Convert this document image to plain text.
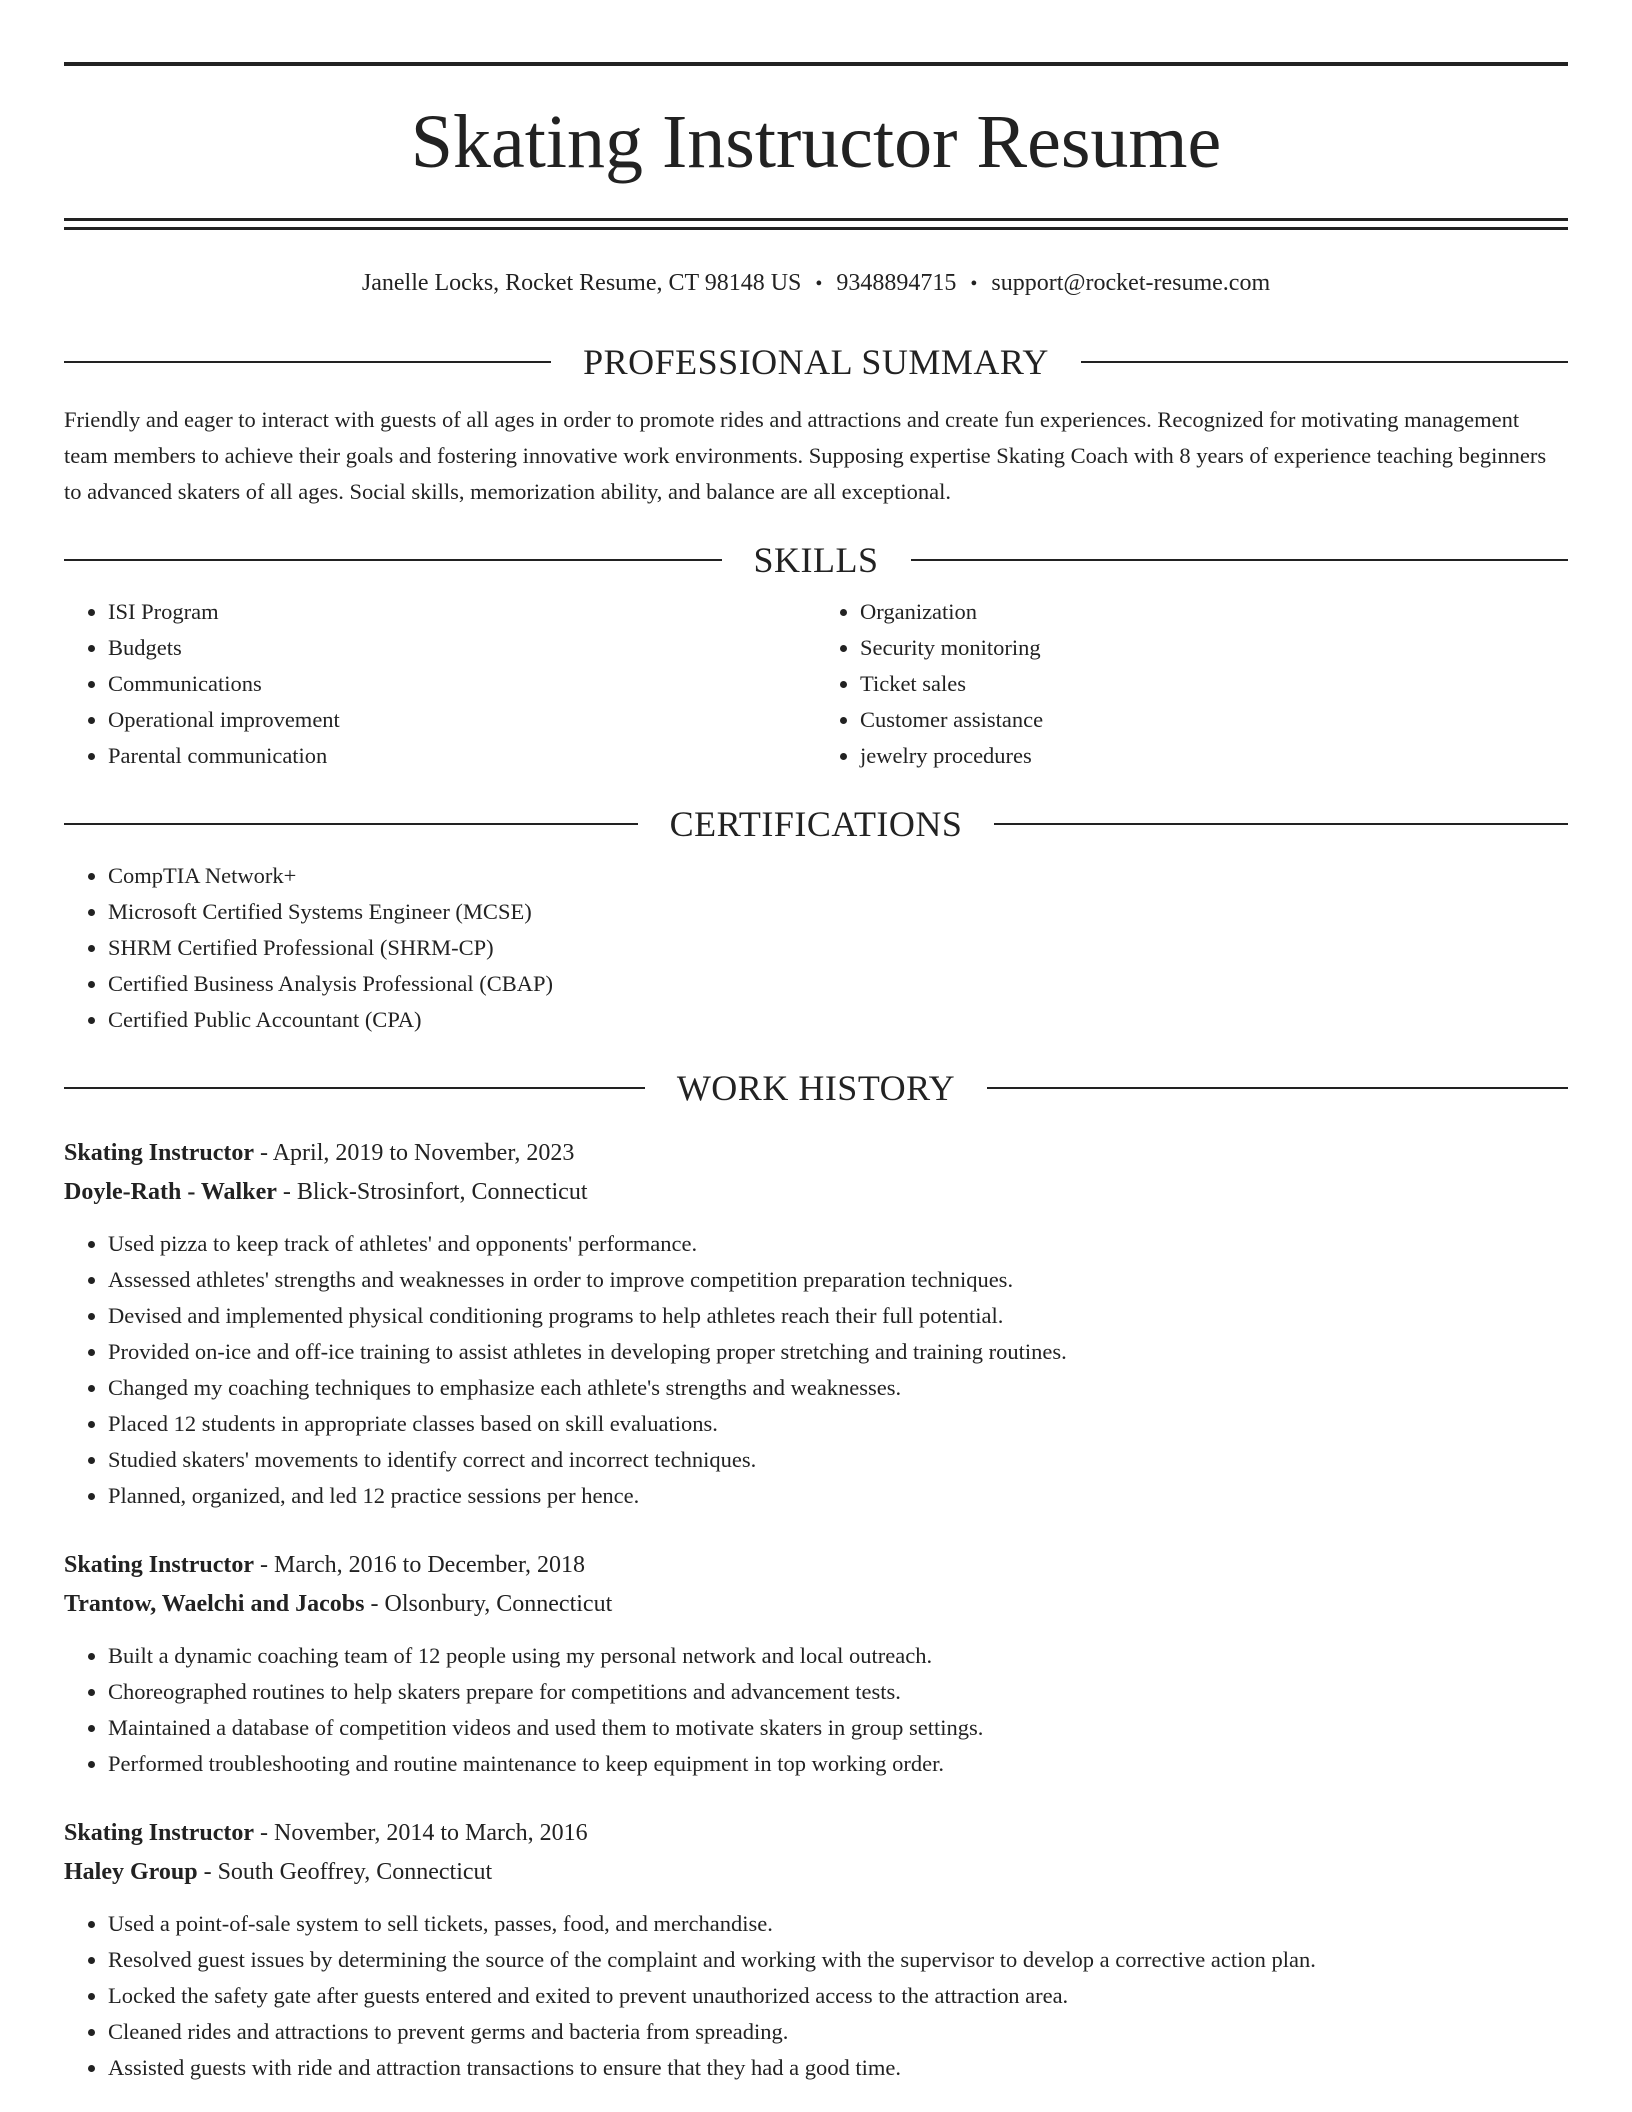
Skating Instructor Resume
Janelle Locks, Rocket Resume, CT 98148 US • 9348894715 • support@rocket-resume.com
PROFESSIONAL SUMMARY

Friendly and eager to interact with guests of all ages in order to promote rides and attractions and create fun experiences. Recognized for motivating management team members to achieve their goals and fostering innovative work environments. Supposing expertise Skating Coach with 8 years of experience teaching beginners to advanced skaters of all ages. Social skills, memorization ability, and balance are all exceptional.

SKILLS
• ISI Program
• Budgets
• Communications
• Operational improvement
• Parental communication
• Organization
• Security monitoring
• Ticket sales
• Customer assistance
• jewelry procedures
CERTIFICATIONS
• CompTIA Network+
• Microsoft Certified Systems Engineer (MCSE)
• SHRM Certified Professional (SHRM-CP)
• Certified Business Analysis Professional (CBAP)
• Certified Public Accountant (CPA)
WORK HISTORY
Skating Instructor - April, 2019 to November, 2023
Doyle-Rath - Walker - Blick-Strosinfort, Connecticut
• Used pizza to keep track of athletes' and opponents' performance.
• Assessed athletes' strengths and weaknesses in order to improve competition preparation techniques.
• Devised and implemented physical conditioning programs to help athletes reach their full potential.
• Provided on-ice and off-ice training to assist athletes in developing proper stretching and training routines.
• Changed my coaching techniques to emphasize each athlete's strengths and weaknesses.
• Placed 12 students in appropriate classes based on skill evaluations.
• Studied skaters' movements to identify correct and incorrect techniques.
• Planned, organized, and led 12 practice sessions per hence.
Skating Instructor - March, 2016 to December, 2018
Trantow, Waelchi and Jacobs - Olsonbury, Connecticut
• Built a dynamic coaching team of 12 people using my personal network and local outreach.
• Choreographed routines to help skaters prepare for competitions and advancement tests.
• Maintained a database of competition videos and used them to motivate skaters in group settings.
• Performed troubleshooting and routine maintenance to keep equipment in top working order.
Skating Instructor - November, 2014 to March, 2016
Haley Group - South Geoffrey, Connecticut
• Used a point-of-sale system to sell tickets, passes, food, and merchandise.
• Resolved guest issues by determining the source of the complaint and working with the supervisor to develop a corrective action plan.
• Locked the safety gate after guests entered and exited to prevent unauthorized access to the attraction area.
• Cleaned rides and attractions to prevent germs and bacteria from spreading.
• Assisted guests with ride and attraction transactions to ensure that they had a good time.
